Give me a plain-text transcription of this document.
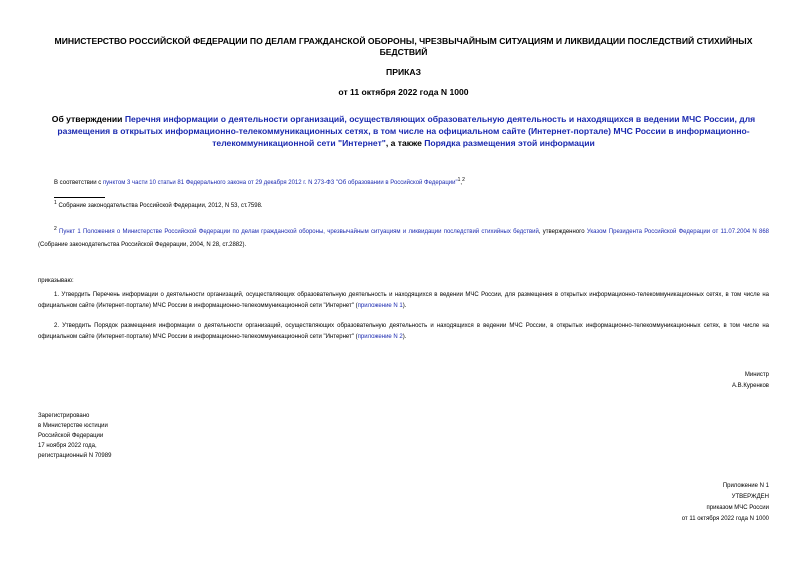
МИНИСТЕРСТВО РОССИЙСКОЙ ФЕДЕРАЦИИ ПО ДЕЛАМ ГРАЖДАНСКОЙ ОБОРОНЫ, ЧРЕЗВЫЧАЙНЫМ СИТУАЦИЯМ И ЛИКВИДАЦИИ ПОСЛЕДСТВИЙ СТИХИЙНЫХ БЕДСТВИЙ
ПРИКАЗ
от 11 октября 2022 года N 1000
Об утверждении Перечня информации о деятельности организаций, осуществляющих образовательную деятельность и находящихся в ведении МЧС России, для размещения в открытых информационно-телекоммуникационных сетях, в том числе на официальном сайте (Интернет-портале) МЧС России в информационно-телекоммуникационной сети "Интернет", а также Порядка размещения этой информации
В соответствии с пунктом 3 части 10 статьи 81 Федерального закона от 29 декабря 2012 г. N 273-ФЗ "Об образовании в Российской Федерации"$^1$,$^2$
$^1$ Собрание законодательства Российской Федерации, 2012, N 53, ст.7598.
$^2$ Пункт 1 Положения о Министерстве Российской Федерации по делам гражданской обороны, чрезвычайным ситуациям и ликвидации последствий стихийных бедствий, утвержденного Указом Президента Российской Федерации от 11.07.2004 N 868 (Собрание законодательства Российской Федерации, 2004, N 28, ст.2882).
приказываю:
1. Утвердить Перечень информации о деятельности организаций, осуществляющих образовательную деятельность и находящихся в ведении МЧС России, для размещения в открытых информационно-телекоммуникационных сетях, в том числе на официальном сайте (Интернет-портале) МЧС России в информационно-телекоммуникационной сети "Интернет" (приложение N 1).
2. Утвердить Порядок размещения информации о деятельности организаций, осуществляющих образовательную деятельность и находящихся в ведении МЧС России, в открытых информационно-телекоммуникационных сетях, в том числе на официальном сайте (Интернет-портале) МЧС России в информационно-телекоммуникационной сети "Интернет" (приложение N 2).
Министр
А.В.Куренков
Зарегистрировано
в Министерстве юстиции
Российской Федерации
17 ноября 2022 года,
регистрационный N 70989
Приложение N 1
УТВЕРЖДЕН
приказом МЧС России
от 11 октября 2022 года N 1000
